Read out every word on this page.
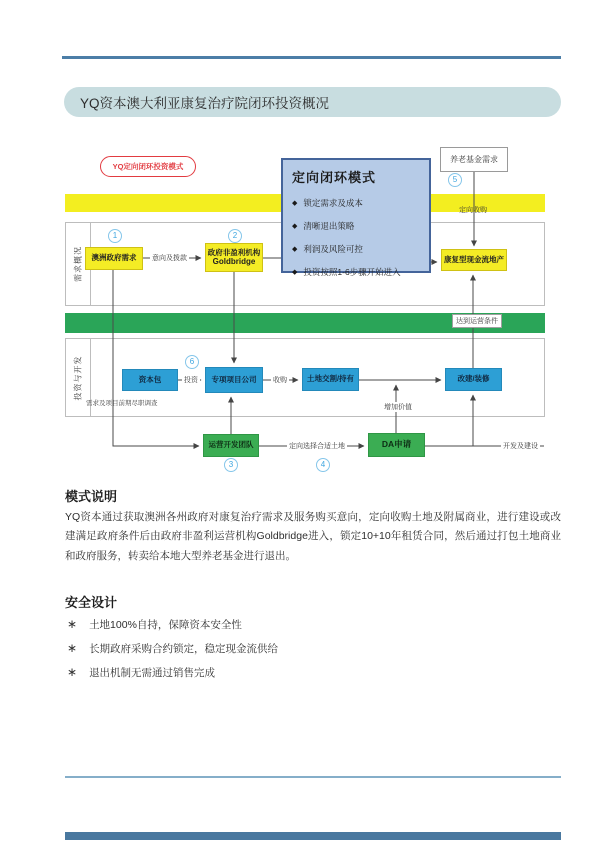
YQ资本澳大利亚康复治疗院闭环投资概况
需求概况
投资与开发
YQ定向闭环投资模式
养老基金需求
澳洲政府需求
政府非盈利机构
Goldbridge	康复型现金流地产
资本包	专项项目公司	土地交割/持有	改建/装修
运营开发团队	DA申请
定向闭环模式
◆ 锁定需求及成本
◆ 清晰退出策略
◆ 利润及风险可控
◆ 投资按照1-6步骤开始进入
1	2
3	4
5
6
意向及拨款
投资	收购
增加价值
定向选择合适土地	开发及建设
定向收购
需求及项目前期尽职调查
达到运营条件
模式说明
YQ资本通过获取澳洲各州政府对康复治疗需求及服务购买意向，定向收购土地及附属商业，进行建设或改建满足政府条件后由政府非盈利运营机构Goldbridge进入，锁定10+10年租赁合同，然后通过打包土地商业和政府服务，转卖给本地大型养老基金进行退出。
安全设计
∗ 土地100%自持，保障资本安全性
∗ 长期政府采购合约锁定，稳定现金流供给
∗ 退出机制无需通过销售完成
